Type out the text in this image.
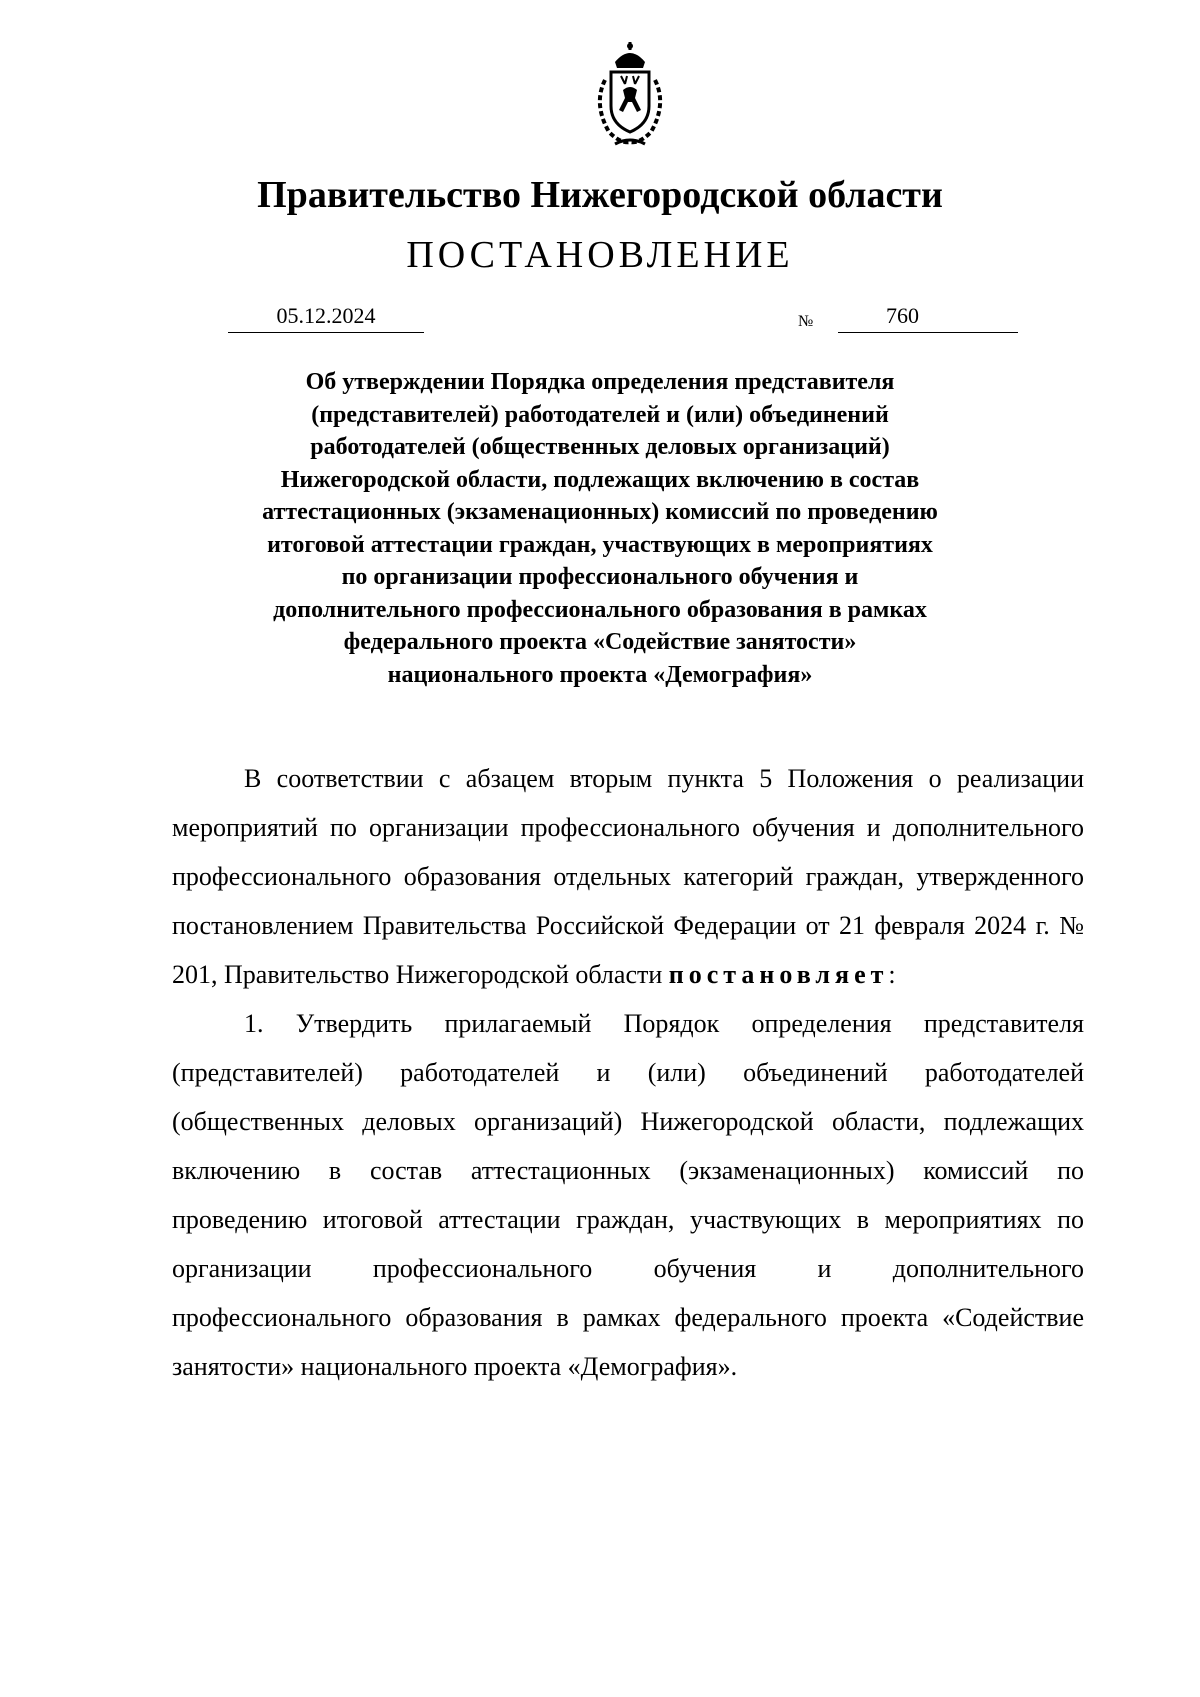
Правительство Нижегородской области
ПОСТАНОВЛЕНИЕ
05.12.2024	№	760
Об утверждении Порядка определения представителя
(представителей) работодателей и (или) объединений
работодателей (общественных деловых организаций)
Нижегородской области, подлежащих включению в состав
аттестационных (экзаменационных) комиссий по проведению
итоговой аттестации граждан, участвующих в мероприятиях
по организации профессионального обучения и
дополнительного профессионального образования в рамках
федерального проекта «Содействие занятости»
национального проекта «Демография»

В соответствии с абзацем вторым пункта 5 Положения о реализации мероприятий по организации профессионального обучения и дополнительного профессионального образования отдельных категорий граждан, утвержденного постановлением Правительства Российской Федерации от 21 февраля 2024 г. № 201, Правительство Нижегородской области постановляет:

1. Утвердить прилагаемый Порядок определения представителя (представителей) работодателей и (или) объединений работодателей (общественных деловых организаций) Нижегородской области, подлежащих включению в состав аттестационных (экзаменационных) комиссий по проведению итоговой аттестации граждан, участвующих в мероприятиях по организации профессионального обучения и дополнительного профессионального образования в рамках федерального проекта «Содействие занятости» национального проекта «Демография».
